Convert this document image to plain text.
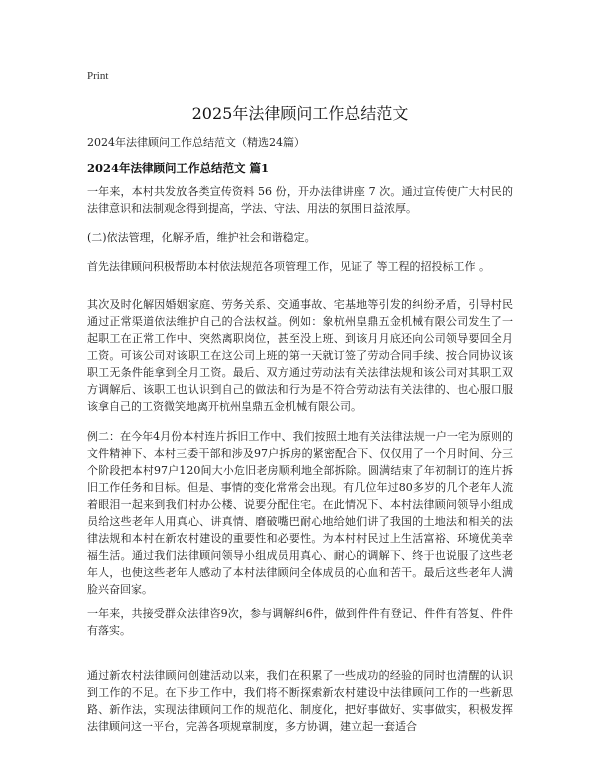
Print
2025年法律顾问工作总结范文
2024年法律顾问工作总结范文（精选24篇）
2024年法律顾问工作总结范文 篇1
一年来，本村共发放各类宣传资料 56 份，开办法律讲座 7 次。通过宣传使广大村民的法律意识和法制观念得到提高，学法、守法、用法的氛围日益浓厚。
(二)依法管理，化解矛盾，维护社会和谐稳定。
首先法律顾问积极帮助本村依法规范各项管理工作，见证了 等工程的招投标工作 。
其次及时化解因婚姻家庭、劳务关系、交通事故、宅基地等引发的纠纷矛盾，引导村民通过正常渠道依法维护自己的合法权益。例如：象杭州皇鼎五金机械有限公司发生了一起职工在正常工作中、突然离职岗位，甚至没上班、到该月月底还向公司领导要回全月工资。可该公司对该职工在这公司上班的第一天就订签了劳动合同手续、按合同协议该职工无条件能拿到全月工资。最后、双方通过劳动法有关法律法规和该公司对其职工双方调解后、该职工也认识到自己的做法和行为是不符合劳动法有关法律的、也心服口服该拿自己的工资微笑地离开杭州皇鼎五金机械有限公司。
例二：在今年4月份本村连片拆旧工作中、我们按照土地有关法律法规一户一宅为原则的文件精神下、本村三委干部和涉及97户拆房的紧密配合下、仅仅用了一个月时间、分三个阶段把本村97户120间大小危旧老房顺利地全部拆除。圆满结束了年初制订的连片拆旧工作任务和目标。但是、事情的变化常常会出现。有几位年过80多岁的几个老年人流着眼泪一起来到我们村办公楼、说要分配住宅。在此情况下、本村法律顾问领导小组成员给这些老年人用真心、讲真情、磨破嘴巴耐心地给她们讲了我国的土地法和相关的法律法规和本村在新农村建设的重要性和必要性。为本村村民过上生活富裕、环境优美幸福生活。通过我们法律顾问领导小组成员用真心、耐心的调解下、终于也说服了这些老年人，也使这些老年人感动了本村法律顾问全体成员的心血和苦干。最后这些老年人满脸兴奋回家。
一年来，共接受群众法律咨9次，参与调解纠6件，做到件件有登记、件件有答复、件件有落实。
通过新农村法律顾问创建活动以来，我们在积累了一些成功的经验的同时也清醒的认识到工作的不足。在下步工作中，我们将不断探索新农村建设中法律顾问工作的一些新思路、新作法，实现法律顾问工作的规范化、制度化，把好事做好、实事做实，积极发挥法律顾问这一平台，完善各项规章制度，多方协调，建立起一套适合
